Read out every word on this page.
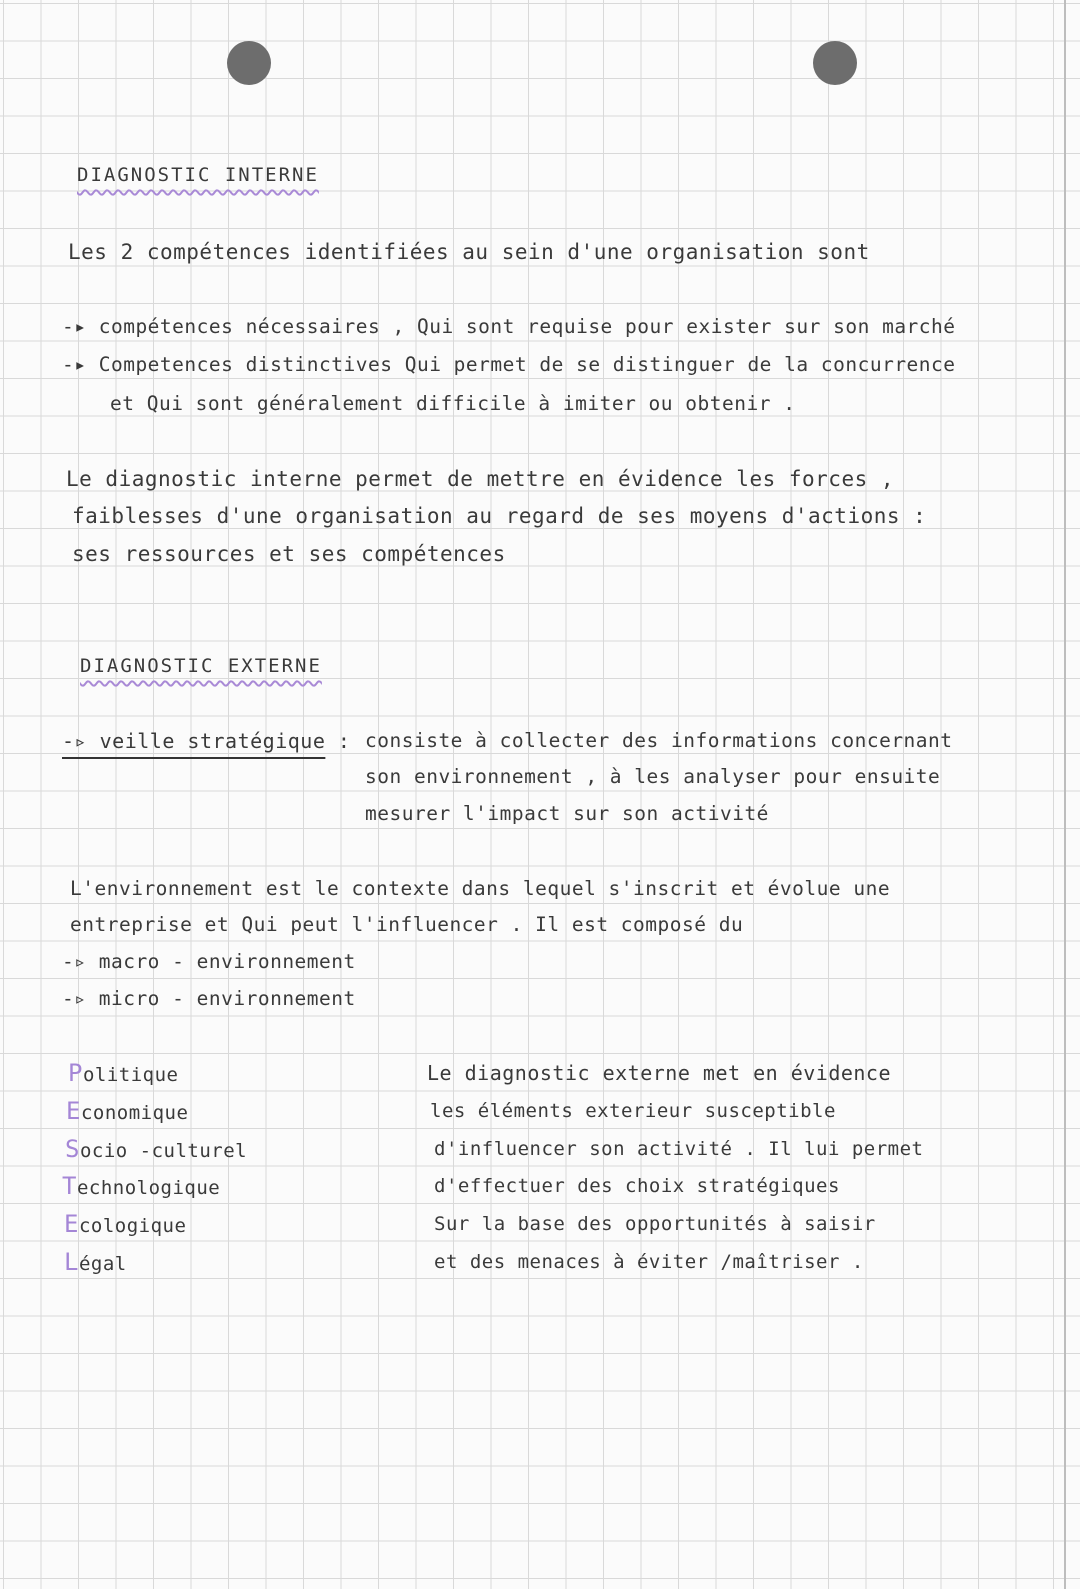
DIAGNOSTIC INTERNE
Les 2 compétences identifiées au sein d'une organisation sont
-▸ compétences nécessaires , Qui sont requise pour exister sur son marché
-▸ Competences distinctives Qui permet de se distinguer de la concurrence
et Qui sont généralement difficile à imiter ou obtenir .
Le diagnostic interne permet de mettre en évidence les forces ,
faiblesses d'une organisation au regard de ses moyens d'actions :
ses ressources et ses compétences
DIAGNOSTIC EXTERNE
-▹ veille stratégique : consiste à collecter des informations concernant
son environnement , à les analyser pour ensuite
mesurer l'impact sur son activité
L'environnement est le contexte dans lequel s'inscrit et évolue une
entreprise et Qui peut l'influencer . Il est composé du
-▹ macro - environnement
-▹ micro - environnement
Politique
Economique
Socio -culturel
Technologique
Ecologique
Légal
Le diagnostic externe met en évidence
les éléments exterieur susceptible
d'influencer son activité . Il lui permet
d'effectuer des choix stratégiques
Sur la base des opportunités à saisir
et des menaces à éviter /maîtriser .
